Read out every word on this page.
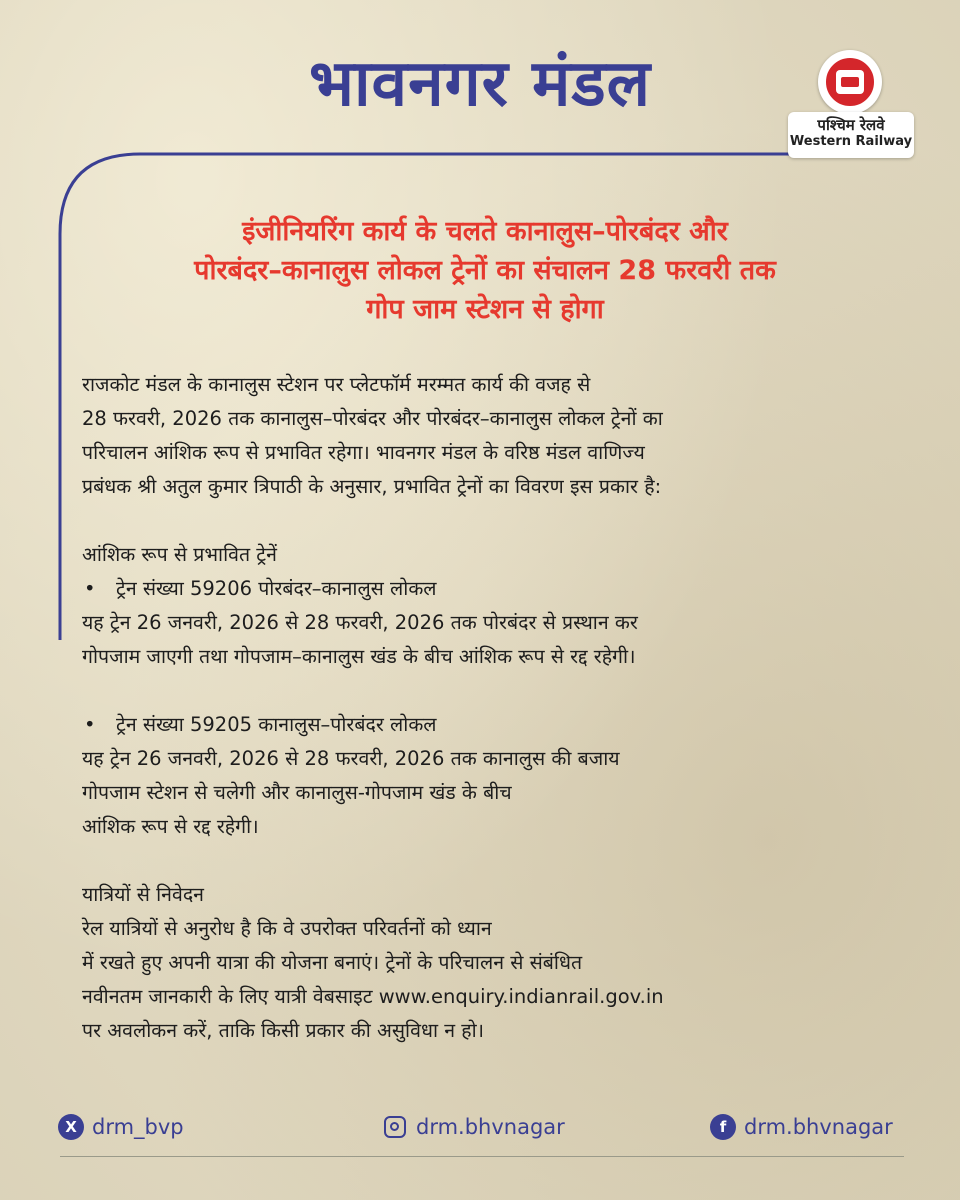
भावनगर मंडल
पश्चिम रेलवे
Western Railway
इंजीनियरिंग कार्य के चलते कानालुस–पोरबंदर और
पोरबंदर–कानालुस लोकल ट्रेनों का संचालन 28 फरवरी तक
गोप जाम स्टेशन से होगा
राजकोट मंडल के कानालुस स्टेशन पर प्लेटफॉर्म मरम्मत कार्य की वजह से
28 फरवरी, 2026 तक कानालुस–पोरबंदर और पोरबंदर–कानालुस लोकल ट्रेनों का
परिचालन आंशिक रूप से प्रभावित रहेगा। भावनगर मंडल के वरिष्ठ मंडल वाणिज्य
प्रबंधक श्री अतुल कुमार त्रिपाठी के अनुसार, प्रभावित ट्रेनों का विवरण इस प्रकार है:
आंशिक रूप से प्रभावित ट्रेनें
• ट्रेन संख्या 59206 पोरबंदर–कानालुस लोकल
यह ट्रेन 26 जनवरी, 2026 से 28 फरवरी, 2026 तक पोरबंदर से प्रस्थान कर
गोपजाम जाएगी तथा गोपजाम–कानालुस खंड के बीच आंशिक रूप से रद्द रहेगी।
• ट्रेन संख्या 59205 कानालुस–पोरबंदर लोकल
यह ट्रेन 26 जनवरी, 2026 से 28 फरवरी, 2026 तक कानालुस की बजाय
गोपजाम स्टेशन से चलेगी और कानालुस-गोपजाम खंड के बीच
आंशिक रूप से रद्द रहेगी।
यात्रियों से निवेदन
रेल यात्रियों से अनुरोध है कि वे उपरोक्त परिवर्तनों को ध्यान
में रखते हुए अपनी यात्रा की योजना बनाएं। ट्रेनों के परिचालन से संबंधित
नवीनतम जानकारी के लिए यात्री वेबसाइट www.enquiry.indianrail.gov.in
पर अवलोकन करें, ताकि किसी प्रकार की असुविधा न हो।
X drm_bvp	drm.bhvnagar	f drm.bhvnagar
